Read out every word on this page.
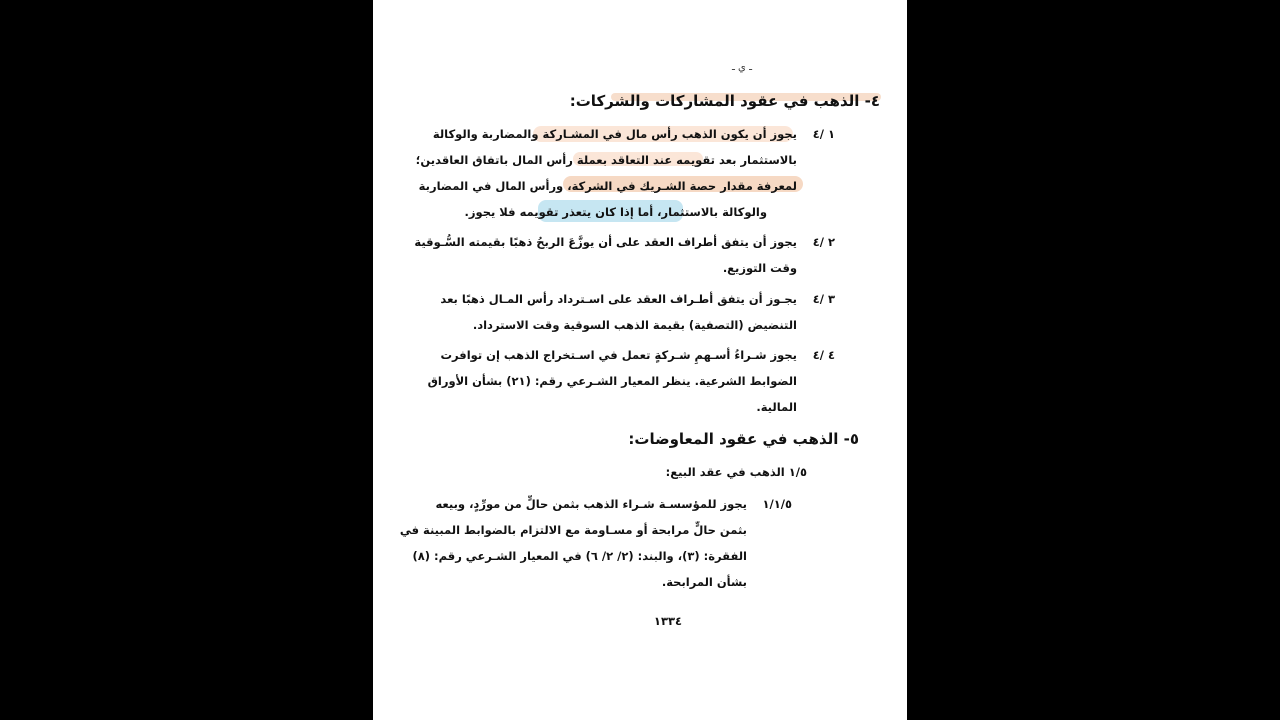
ـ ي ـ
٤- الذهب في عقود المشاركات والشركات:
١ /٤
يجوز أن يكون الذهب رأس مال في المشـاركة والمضاربة والوكالة
بالاستثمار بعد تقويمه عند التعاقد بعملة رأس المال باتفاق العاقدين؛
لمعرفة مقدار حصة الشـريك في الشركة، ورأس المال في المضاربة
والوكالة بالاستثمار، أما إذا كان يتعذر تقويمه فلا يجوز.
٢ /٤
يجوز أن يتفق أطراف العقد على أن يوزَّعَ الربحُ ذهبًا بقيمته السُّـوقية
وقت التوزيع.
٣ /٤
يجـوز أن يتفق أطـراف العقد على اسـترداد رأس المـال ذهبًا بعد
التنضيض (التصفية) بقيمة الذهب السوقية وقت الاسترداد.
٤ /٤
يجوز شـراءُ أسـهمِ شـركةٍ تعمل في اسـتخراج الذهب إن توافرت
الضوابط الشرعية. ينظر المعيار الشـرعي رقم: (٢١) بشأن الأوراق
المالية.
٥- الذهب في عقود المعاوضات:
١/٥ الذهب في عقد البيع:
١/١/٥
يجوز للمؤسسـة شـراء الذهب بثمن حالٍّ من مورِّدٍ، وبيعه
بثمن حالٍّ مرابحة أو مسـاومة مع الالتزام بالضوابط المبينة في
الفقرة: (٣)، والبند: (٢/ ٢/ ٦) في المعيار الشـرعي رقم: (٨)
بشأن المرابحة.
١٣٣٤
